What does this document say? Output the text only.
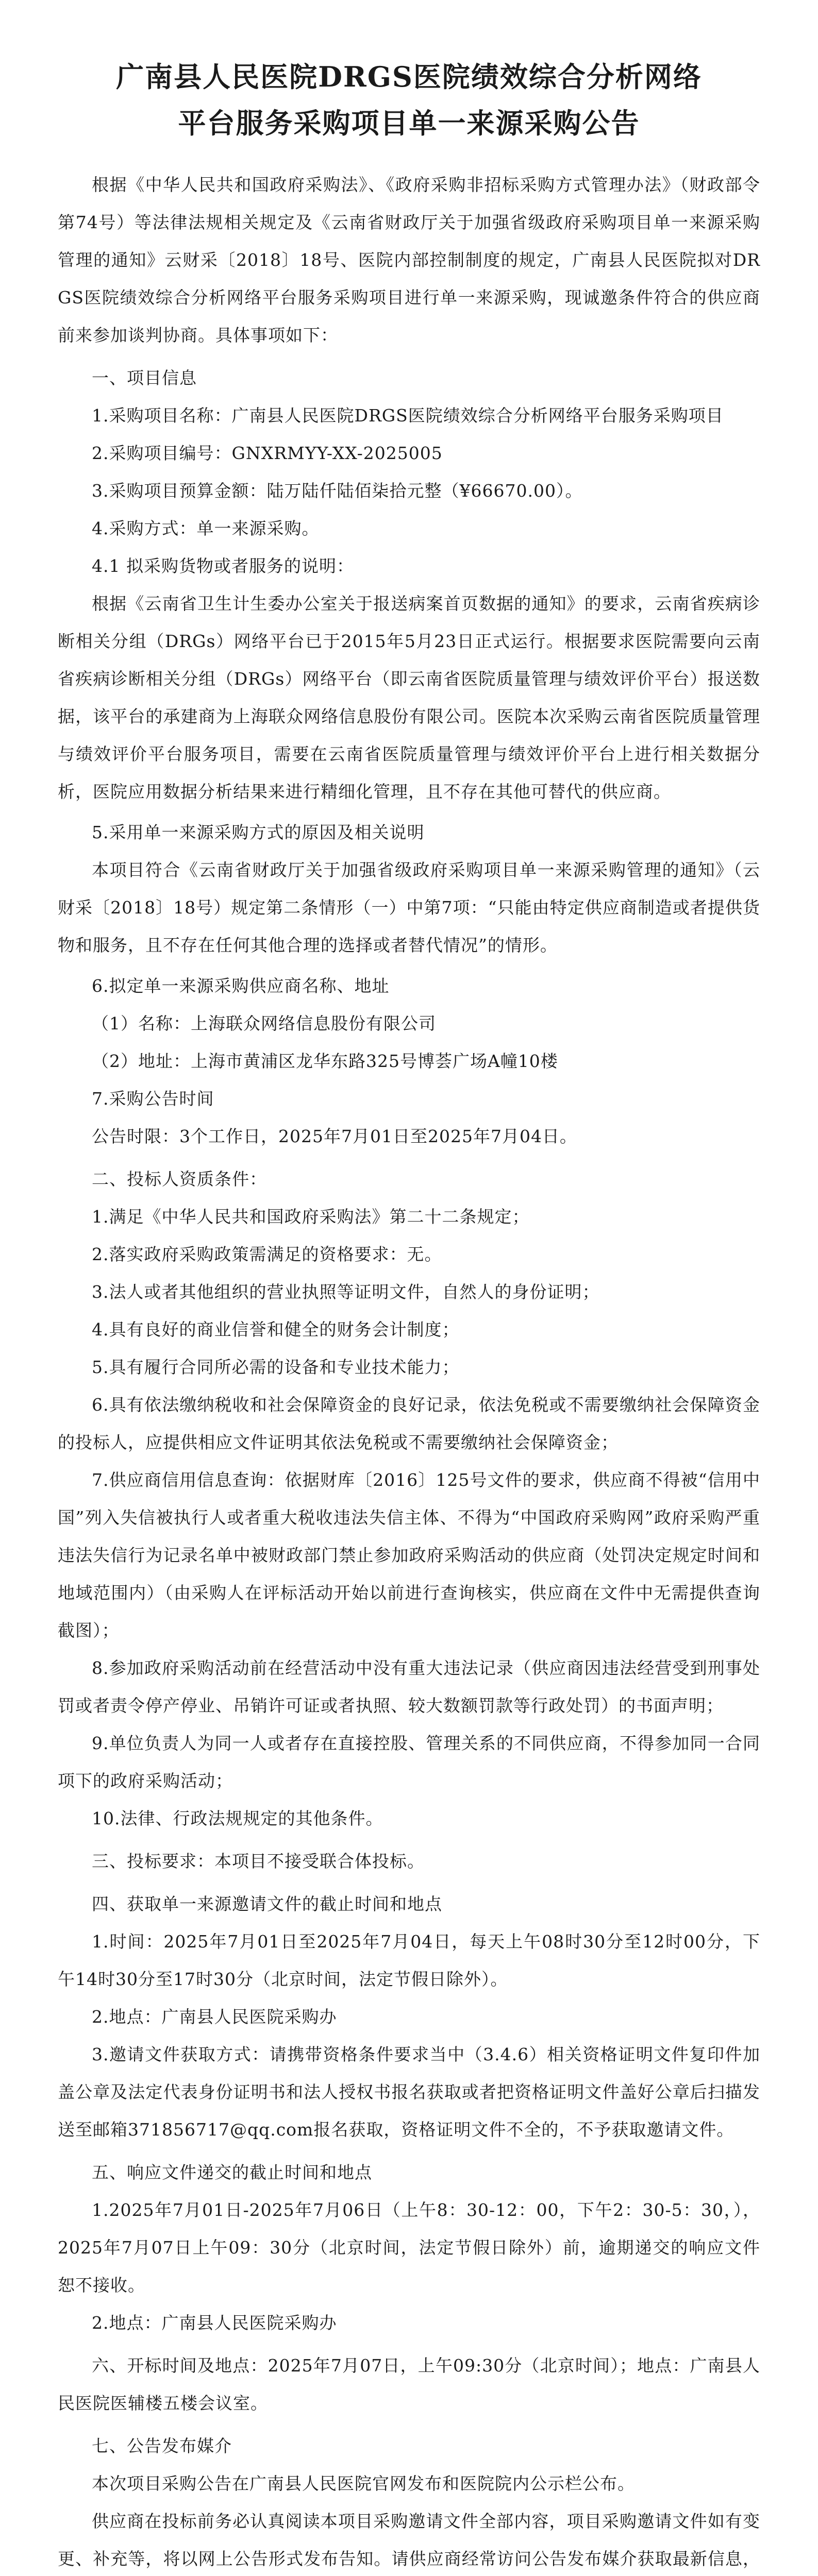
广南县人民医院DRGS医院绩效综合分析网络
平台服务采购项目单一来源采购公告

根据《中华人民共和国政府采购法》、《政府采购非招标采购方式管理办法》（财政部令第74号）等法律法规相关规定及《云南省财政厅关于加强省级政府采购项目单一来源采购管理的通知》云财采〔2018〕18号、医院内部控制制度的规定，广南县人民医院拟对DRGS医院绩效综合分析网络平台服务采购项目进行单一来源采购，现诚邀条件符合的供应商前来参加谈判协商。具体事项如下：

一、项目信息

1.采购项目名称：广南县人民医院DRGS医院绩效综合分析网络平台服务采购项目

2.采购项目编号：GNXRMYY-XX-2025005

3.采购项目预算金额：陆万陆仟陆佰柒拾元整（¥66670.00）。

4.采购方式：单一来源采购。

4.1 拟采购货物或者服务的说明：

根据《云南省卫生计生委办公室关于报送病案首页数据的通知》的要求，云南省疾病诊断相关分组（DRGs）网络平台已于2015年5月23日正式运行。根据要求医院需要向云南省疾病诊断相关分组（DRGs）网络平台（即云南省医院质量管理与绩效评价平台）报送数据，该平台的承建商为上海联众网络信息股份有限公司。医院本次采购云南省医院质量管理与绩效评价平台服务项目，需要在云南省医院质量管理与绩效评价平台上进行相关数据分析，医院应用数据分析结果来进行精细化管理，且不存在其他可替代的供应商。

5.采用单一来源采购方式的原因及相关说明

本项目符合《云南省财政厅关于加强省级政府采购项目单一来源采购管理的通知》（云财采〔2018〕18号）规定第二条情形（一）中第7项：“只能由特定供应商制造或者提供货物和服务，且不存在任何其他合理的选择或者替代情况”的情形。

6.拟定单一来源采购供应商名称、地址

（1）名称：上海联众网络信息股份有限公司

（2）地址：上海市黄浦区龙华东路325号博荟广场A幢10楼

7.采购公告时间

公告时限：3个工作日，2025年7月01日至2025年7月04日。

二、投标人资质条件：

1.满足《中华人民共和国政府采购法》第二十二条规定；

2.落实政府采购政策需满足的资格要求：无。

3.法人或者其他组织的营业执照等证明文件，自然人的身份证明；

4.具有良好的商业信誉和健全的财务会计制度；

5.具有履行合同所必需的设备和专业技术能力；

6.具有依法缴纳税收和社会保障资金的良好记录，依法免税或不需要缴纳社会保障资金的投标人，应提供相应文件证明其依法免税或不需要缴纳社会保障资金；

7.供应商信用信息查询：依据财库〔2016〕125号文件的要求，供应商不得被“信用中国”列入失信被执行人或者重大税收违法失信主体、不得为“中国政府采购网”政府采购严重违法失信行为记录名单中被财政部门禁止参加政府采购活动的供应商（处罚决定规定时间和地域范围内）（由采购人在评标活动开始以前进行查询核实，供应商在文件中无需提供查询截图）；

8.参加政府采购活动前在经营活动中没有重大违法记录（供应商因违法经营受到刑事处罚或者责令停产停业、吊销许可证或者执照、较大数额罚款等行政处罚）的书面声明；

9.单位负责人为同一人或者存在直接控股、管理关系的不同供应商，不得参加同一合同项下的政府采购活动；

10.法律、行政法规规定的其他条件。

三、投标要求：本项目不接受联合体投标。

四、获取单一来源邀请文件的截止时间和地点

1.时间：2025年7月01日至2025年7月04日，每天上午08时30分至12时00分，下午14时30分至17时30分（北京时间，法定节假日除外）。

2.地点：广南县人民医院采购办

3.邀请文件获取方式：请携带资格条件要求当中（3.4.6）相关资格证明文件复印件加盖公章及法定代表身份证明书和法人授权书报名获取或者把资格证明文件盖好公章后扫描发送至邮箱371856717@qq.com报名获取，资格证明文件不全的，不予获取邀请文件。

五、响应文件递交的截止时间和地点

1.2025年7月01日-2025年7月06日（上午8：30-12：00，下午2：30-5：30，），2025年7月07日上午09：30分（北京时间，法定节假日除外）前，逾期递交的响应文件恕不接收。

2.地点：广南县人民医院采购办

六、开标时间及地点：2025年7月07日，上午09:30分（北京时间）；地点：广南县人民医院医辅楼五楼会议室。

七、公告发布媒介

本次项目采购公告在广南县人民医院官网发布和医院院内公示栏公布。

供应商在投标前务必认真阅读本项目采购邀请文件全部内容，项目采购邀请文件如有变更、补充等，将以网上公告形式发布告知。请供应商经常访问公告发布媒介获取最新信息，
